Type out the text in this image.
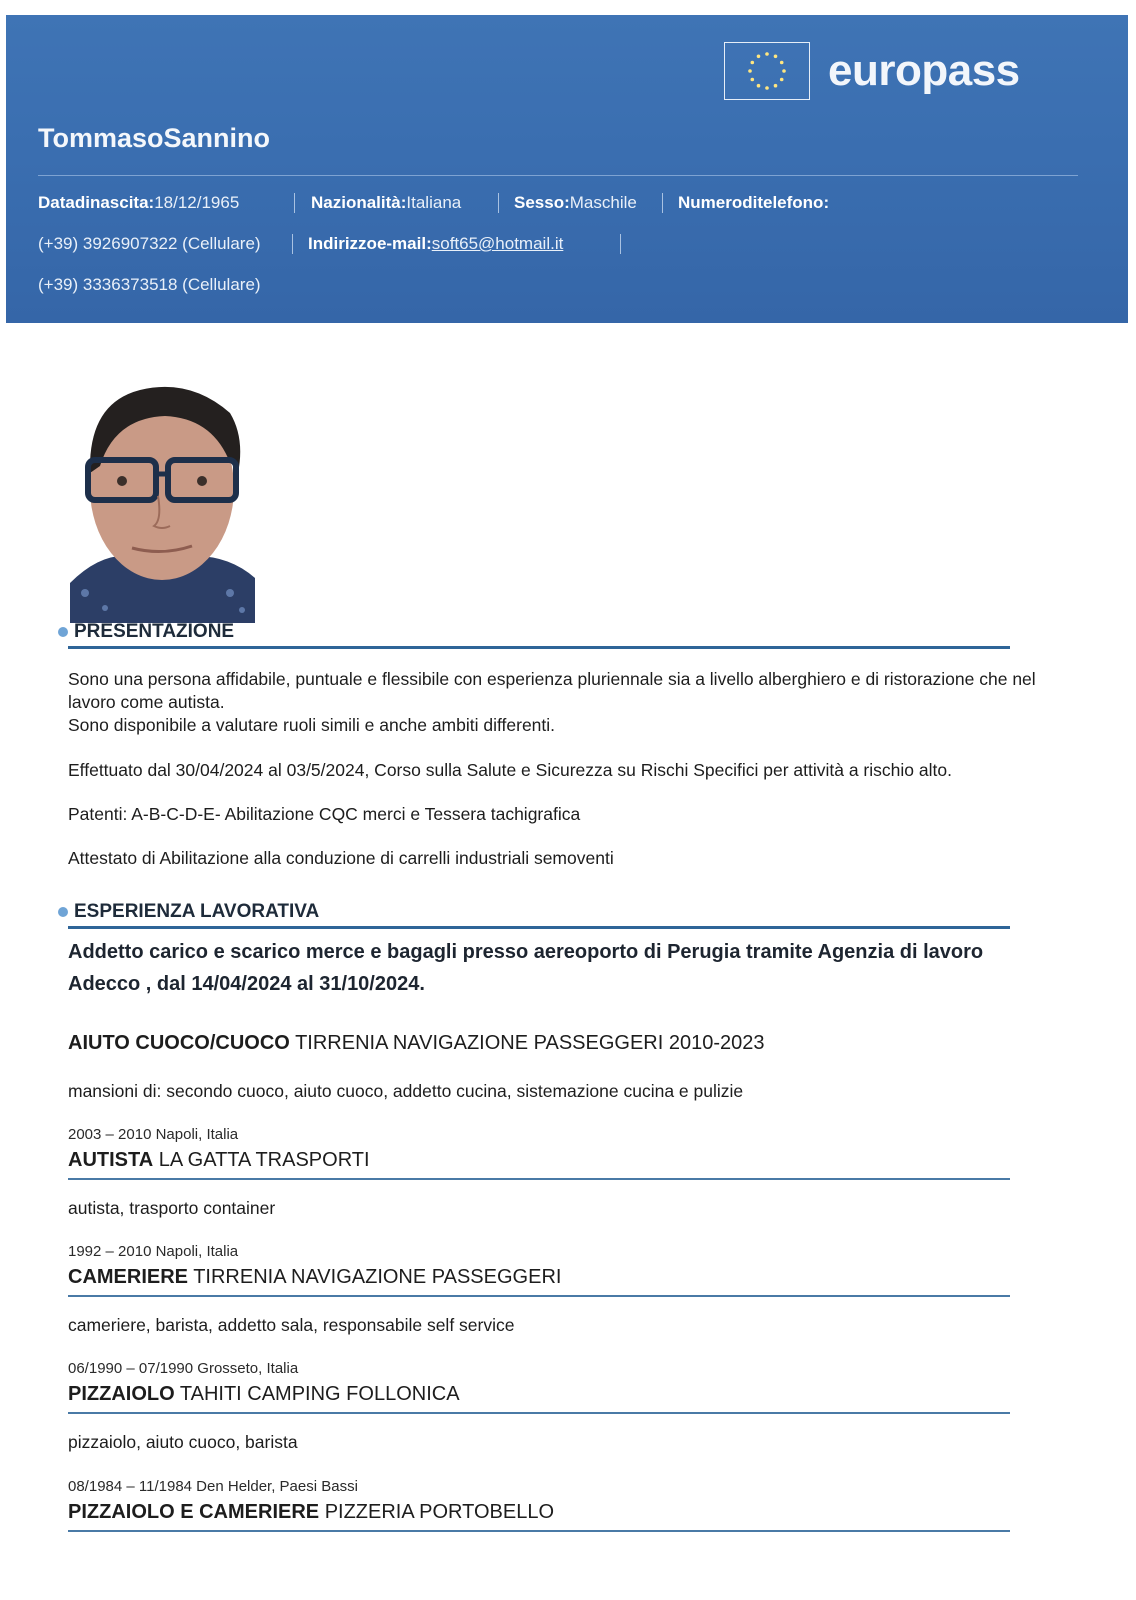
europass
TommasoSannino
Datadinascita:18/12/1965	Nazionalità:Italiana	Sesso:Maschile Numeroditelefono:
(+39) 3926907322 (Cellulare)	Indirizzoe-mail:soft65@hotmail.it
(+39) 3336373518 (Cellulare)
PRESENTAZIONE
Sono una persona affidabile, puntuale e flessibile con esperienza pluriennale sia a livello alberghiero e di ristorazione che nel lavoro come autista.
Sono disponibile a valutare ruoli simili e anche ambiti differenti.
Effettuato dal 30/04/2024 al 03/5/2024, Corso sulla Salute e Sicurezza su Rischi Specifici per attività a rischio alto.
Patenti: A-B-C-D-E- Abilitazione CQC merci e Tessera tachigrafica
Attestato di Abilitazione alla conduzione di carrelli industriali semoventi
ESPERIENZA LAVORATIVA
Addetto carico e scarico merce e bagagli presso aereoporto di Perugia tramite Agenzia di lavoro Adecco , dal 14/04/2024 al 31/10/2024.
AIUTO CUOCO/CUOCO TIRRENIA NAVIGAZIONE PASSEGGERI 2010-2023
mansioni di: secondo cuoco, aiuto cuoco, addetto cucina, sistemazione cucina e pulizie
2003 – 2010 Napoli, Italia
AUTISTA LA GATTA TRASPORTI
autista, trasporto container
1992 – 2010 Napoli, Italia
CAMERIERE TIRRENIA NAVIGAZIONE PASSEGGERI
cameriere, barista, addetto sala, responsabile self service
06/1990 – 07/1990 Grosseto, Italia
PIZZAIOLO TAHITI CAMPING FOLLONICA
pizzaiolo, aiuto cuoco, barista
08/1984 – 11/1984 Den Helder, Paesi Bassi
PIZZAIOLO E CAMERIERE PIZZERIA PORTOBELLO
